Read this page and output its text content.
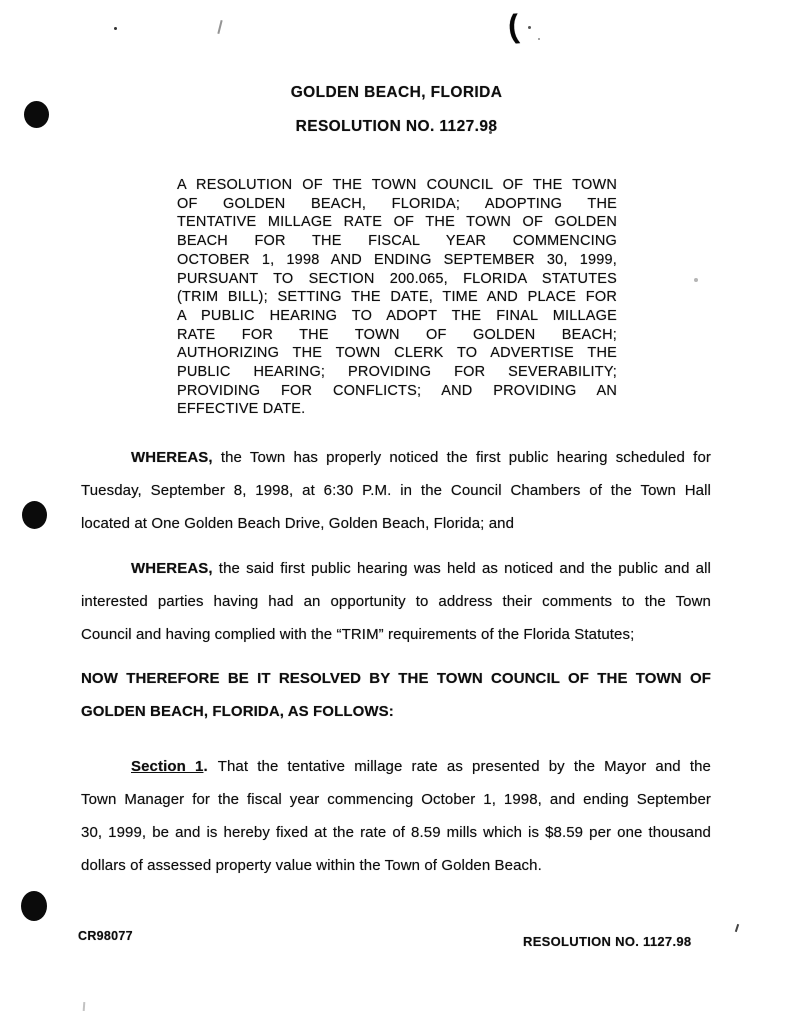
(
GOLDEN BEACH, FLORIDA
RESOLUTION NO. 1127.98
A RESOLUTION OF THE TOWN COUNCIL OF THE TOWN
OF GOLDEN BEACH, FLORIDA; ADOPTING THE
TENTATIVE MILLAGE RATE OF THE TOWN OF GOLDEN
BEACH FOR THE FISCAL YEAR COMMENCING
OCTOBER 1, 1998 AND ENDING SEPTEMBER 30, 1999,
PURSUANT TO SECTION 200.065, FLORIDA STATUTES
(TRIM BILL); SETTING THE DATE, TIME AND PLACE FOR
A PUBLIC HEARING TO ADOPT THE FINAL MILLAGE
RATE FOR THE TOWN OF GOLDEN BEACH;
AUTHORIZING THE TOWN CLERK TO ADVERTISE THE
PUBLIC HEARING; PROVIDING FOR SEVERABILITY;
PROVIDING FOR CONFLICTS; AND PROVIDING AN
EFFECTIVE DATE.
WHEREAS, the Town has properly noticed the first public hearing scheduled for
Tuesday, September 8, 1998, at 6:30 P.M. in the Council Chambers of the Town Hall
located at One Golden Beach Drive, Golden Beach, Florida; and
WHEREAS, the said first public hearing was held as noticed and the public and all
interested parties having had an opportunity to address their comments to the Town
Council and having complied with the “TRIM” requirements of the Florida Statutes;
NOW THEREFORE BE IT RESOLVED BY THE TOWN COUNCIL OF THE TOWN OF
GOLDEN BEACH, FLORIDA, AS FOLLOWS:
Section 1. That the tentative millage rate as presented by the Mayor and the
Town Manager for the fiscal year commencing October 1, 1998, and ending September
30, 1999, be and is hereby fixed at the rate of 8.59 mills which is $8.59 per one thousand
dollars of assessed property value within the Town of Golden Beach.
CR98077	RESOLUTION NO. 1127.98
